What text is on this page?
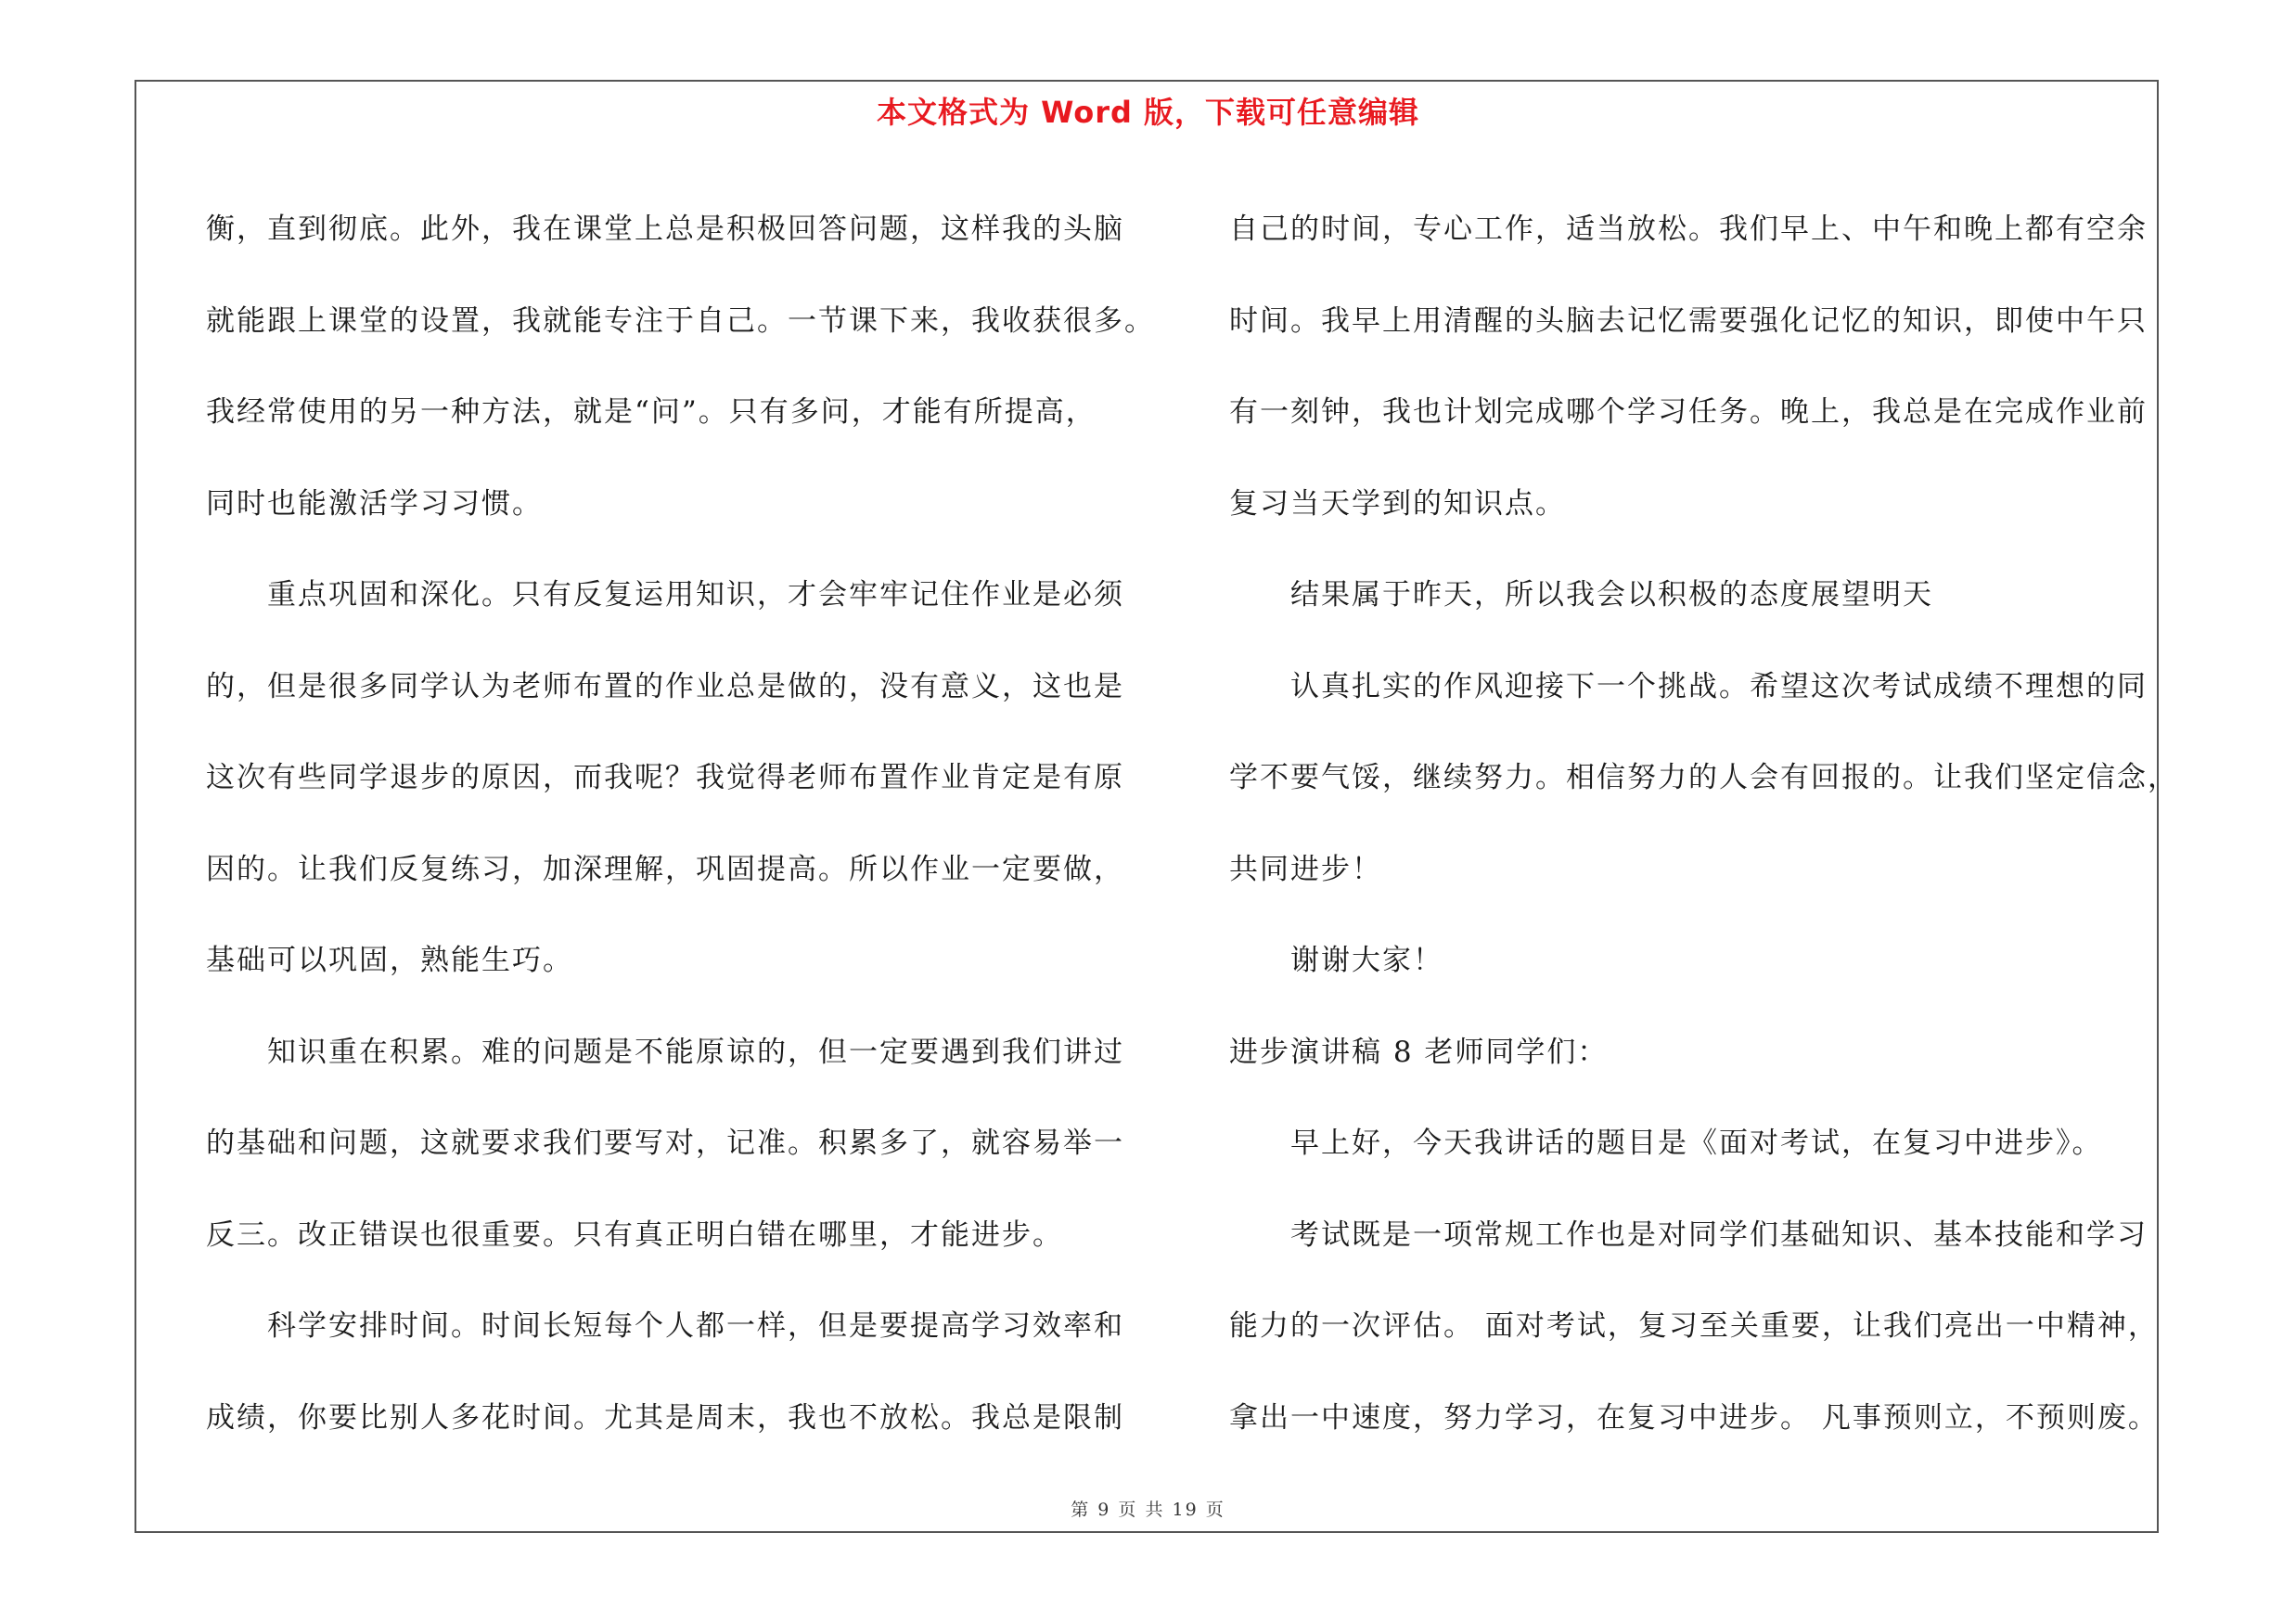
本文格式为 Word 版，下载可任意编辑
衡，直到彻底。此外，我在课堂上总是积极回答问题，这样我的头脑
就能跟上课堂的设置，我就能专注于自己。一节课下来，我收获很多。
我经常使用的另一种方法，就是“问”。只有多问，才能有所提高，
同时也能激活学习习惯。
重点巩固和深化。只有反复运用知识，才会牢牢记住作业是必须
的，但是很多同学认为老师布置的作业总是做的，没有意义，这也是
这次有些同学退步的原因，而我呢？我觉得老师布置作业肯定是有原
因的。让我们反复练习，加深理解，巩固提高。所以作业一定要做，
基础可以巩固，熟能生巧。
知识重在积累。难的问题是不能原谅的，但一定要遇到我们讲过
的基础和问题，这就要求我们要写对，记准。积累多了，就容易举一
反三。改正错误也很重要。只有真正明白错在哪里，才能进步。
科学安排时间。时间长短每个人都一样，但是要提高学习效率和
成绩，你要比别人多花时间。尤其是周末，我也不放松。我总是限制
自己的时间，专心工作，适当放松。我们早上、中午和晚上都有空余
时间。我早上用清醒的头脑去记忆需要强化记忆的知识，即使中午只
有一刻钟，我也计划完成哪个学习任务。晚上，我总是在完成作业前
复习当天学到的知识点。
结果属于昨天，所以我会以积极的态度展望明天
认真扎实的作风迎接下一个挑战。希望这次考试成绩不理想的同
学不要气馁，继续努力。相信努力的人会有回报的。让我们坚定信念，
共同进步！
谢谢大家！
进步演讲稿 8 老师同学们：
早上好，今天我讲话的题目是《面对考试，在复习中进步》。
考试既是一项常规工作也是对同学们基础知识、基本技能和学习
能力的一次评估。 面对考试，复习至关重要，让我们亮出一中精神，
拿出一中速度，努力学习，在复习中进步。 凡事预则立，不预则废。
第 9 页 共 19 页
